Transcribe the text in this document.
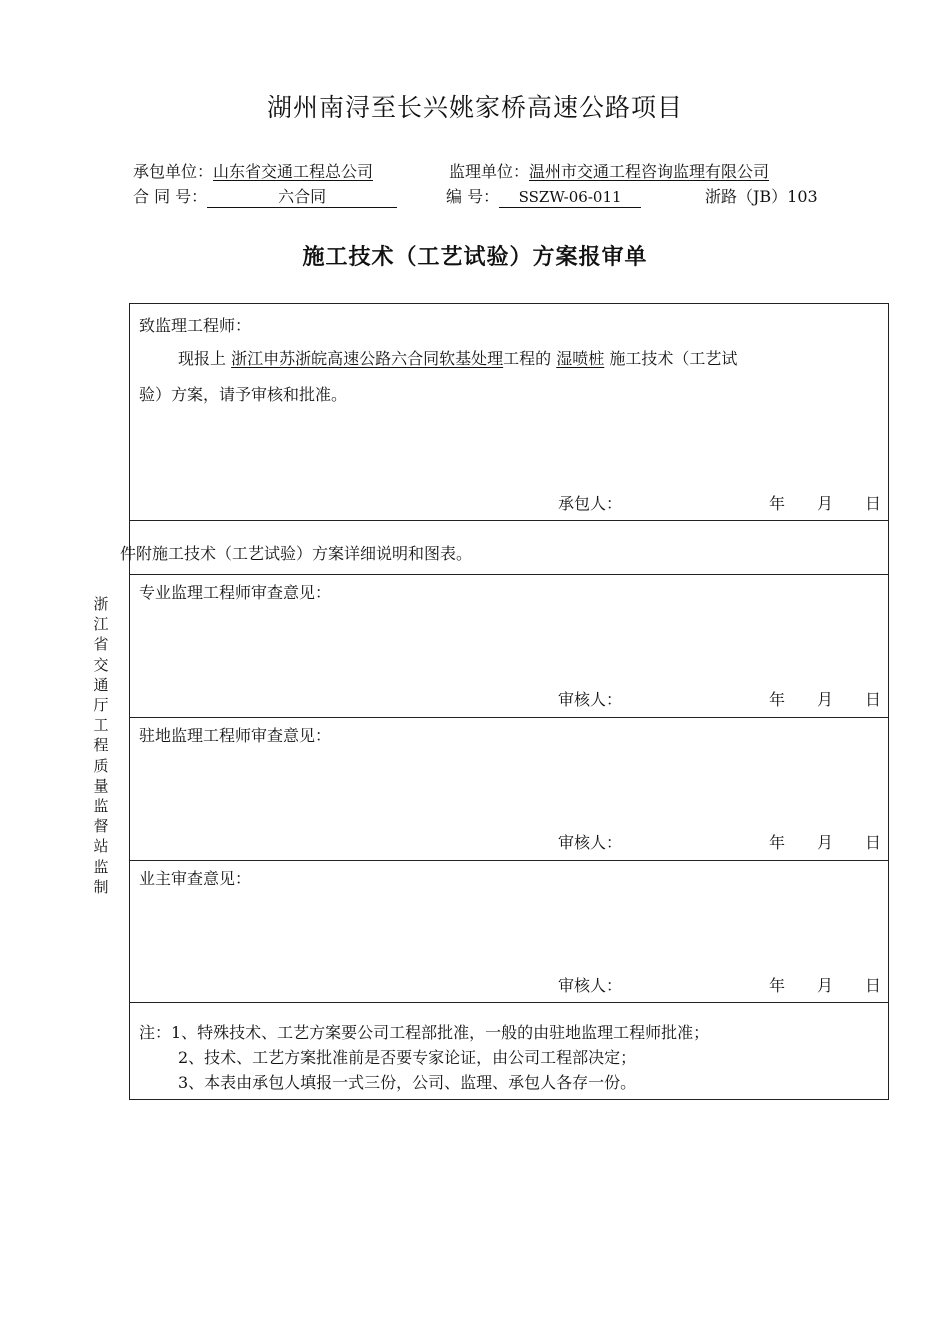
湖州南浔至长兴姚家桥高速公路项目
承包单位：山东省交通工程总公司	监理单位：温州市交通工程咨询监理有限公司
合 同 号：	六合同	编 号： SSZW-06-011	浙路（JB）103
施工技术（工艺试验）方案报审单
浙江省交通厅工程质量监督站监制
致监理工程师：
现报上 浙江申苏浙皖高速公路六合同软基处理工程的 湿喷桩 施工技术（工艺试
验）方案，请予审核和批准。
承包人：	年 月 日
件附施工技术（工艺试验）方案详细说明和图表。
专业监理工程师审查意见：
审核人：	年 月 日
驻地监理工程师审查意见：
审核人：	年 月 日
业主审查意见：
审核人：	年 月 日
注：1、特殊技术、工艺方案要公司工程部批准，一般的由驻地监理工程师批准；
2、技术、工艺方案批准前是否要专家论证，由公司工程部决定；
3、本表由承包人填报一式三份，公司、监理、承包人各存一份。
